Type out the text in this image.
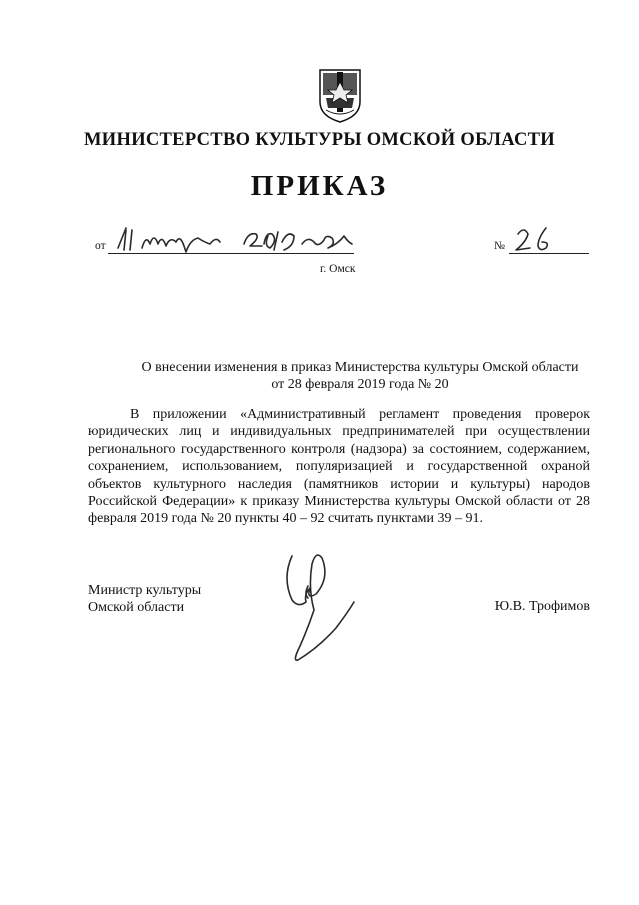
МИНИСТЕРСТВО КУЛЬТУРЫ ОМСКОЙ ОБЛАСТИ
ПРИКАЗ
от	№
г. Омск
О внесении изменения в приказ Министерства культуры Омской области от 28 февраля 2019 года № 20
В приложении «Административный регламент проведения проверок юридических лиц и индивидуальных предпринимателей при осуществлении регионального государственного контроля (надзора) за состоянием, содержанием, сохранением, использованием, популяризацией и государственной охраной объектов культурного наследия (памятников истории и культуры) народов Российской Федерации» к приказу Министерства культуры Омской области от 28 февраля 2019 года № 20 пункты 40 – 92 считать пунктами 39 – 91.
Министр культуры
Омской области	Ю.В. Трофимов
